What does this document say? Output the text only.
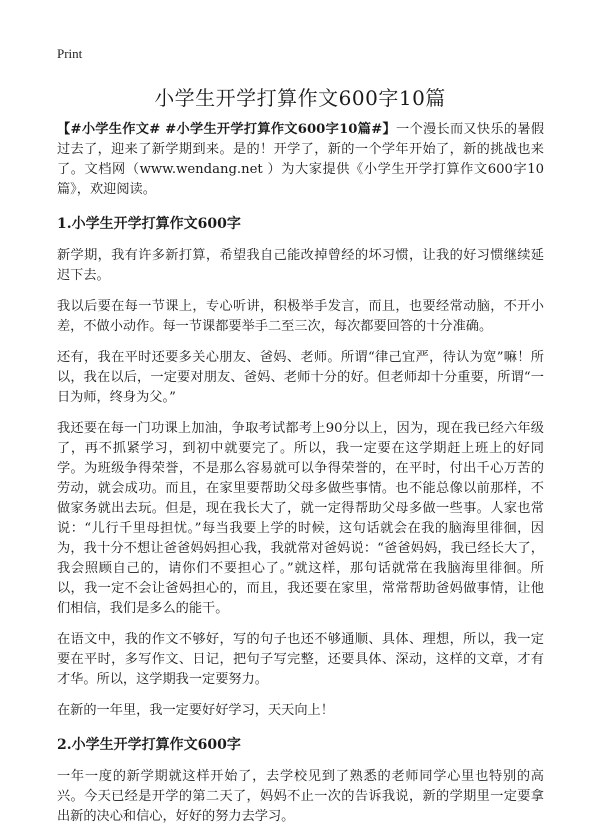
Print
小学生开学打算作文600字10篇

【#小学生作文# #小学生开学打算作文600字10篇#】一个漫长而又快乐的暑假过去了，迎来了新学期到来。是的！开学了，新的一个学年开始了，新的挑战也来了。文档网（www.wendang.net ）为大家提供《小学生开学打算作文600字10篇》，欢迎阅读。

1.小学生开学打算作文600字

新学期，我有许多新打算，希望我自己能改掉曾经的坏习惯，让我的好习惯继续延迟下去。

我以后要在每一节课上，专心听讲，积极举手发言，而且，也要经常动脑，不开小差，不做小动作。每一节课都要举手二至三次，每次都要回答的十分准确。

还有，我在平时还要多关心朋友、爸妈、老师。所谓“律己宜严，待认为宽”嘛！所以，我在以后，一定要对朋友、爸妈、老师十分的好。但老师却十分重要，所谓“一日为师，终身为父。”

我还要在每一门功课上加油，争取考试都考上90分以上，因为，现在我已经六年级了，再不抓紧学习，到初中就要完了。所以，我一定要在这学期赶上班上的好同学。为班级争得荣誉，不是那么容易就可以争得荣誉的，在平时，付出千心万苦的劳动，就会成功。而且，在家里要帮助父母多做些事情。也不能总像以前那样，不做家务就出去玩。但是，现在我长大了，就一定得帮助父母多做一些事。人家也常说：“儿行千里母担忧。”每当我要上学的时候，这句话就会在我的脑海里徘徊，因为，我十分不想让爸爸妈妈担心我，我就常对爸妈说：“爸爸妈妈，我已经长大了，我会照顾自己的，请你们不要担心了。”就这样，那句话就常在我脑海里徘徊。所以，我一定不会让爸妈担心的，而且，我还要在家里，常常帮助爸妈做事情，让他们相信，我们是多么的能干。

在语文中，我的作文不够好，写的句子也还不够通顺、具体、理想，所以，我一定要在平时，多写作文、日记，把句子写完整，还要具体、深动，这样的文章，才有才华。所以，这学期我一定要努力。

在新的一年里，我一定要好好学习，天天向上！

2.小学生开学打算作文600字

一年一度的新学期就这样开始了，去学校见到了熟悉的老师同学心里也特别的高兴。今天已经是开学的第二天了，妈妈不止一次的告诉我说，新的学期里一定要拿出新的决心和信心，好好的努力去学习。
